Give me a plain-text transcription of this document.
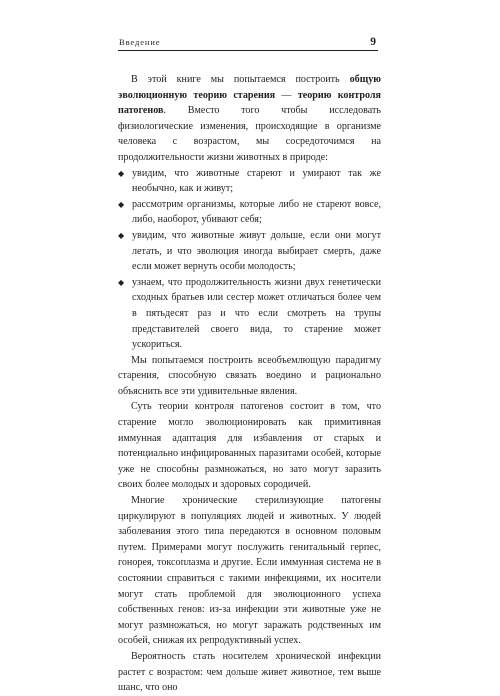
Введение	9

В этой книге мы попытаемся построить общую эволюционную теорию старения — теорию контроля патогенов. Вместо того чтобы исследовать физиологические изменения, происходящие в организме человека с возрастом, мы сосредоточимся на продолжительности жизни животных в природе:

◆ увидим, что животные стареют и умирают так же необычно, как и живут;
◆ рассмотрим организмы, которые либо не стареют вовсе, либо, наоборот, убивают себя;
◆ увидим, что животные живут дольше, если они могут летать, и что эволюция иногда выбирает смерть, даже если может вернуть особи молодость;
◆ узнаем, что продолжительность жизни двух генетически сходных братьев или сестер может отличаться более чем в пятьдесят раз и что если смотреть на трупы представителей своего вида, то старение может ускориться.

Мы попытаемся построить всеобъемлющую парадигму старения, способную связать воедино и рационально объяснить все эти удивительные явления.

Суть теории контроля патогенов состоит в том, что старение могло эволюционировать как примитивная иммунная адаптация для избавления от старых и потенциально инфицированных паразитами особей, которые уже не способны размножаться, но зато могут заразить своих более молодых и здоровых сородичей.

Многие хронические стерилизующие патогены циркулируют в популяциях людей и животных. У людей заболевания этого типа передаются в основном половым путем. Примерами могут послужить генитальный герпес, гонорея, токсоплазма и другие. Если иммунная система не в состоянии справиться с такими инфекциями, их носители могут стать проблемой для эволюционного успеха собственных генов: из-за инфекции эти животные уже не могут размножаться, но могут заражать родственных им особей, снижая их репродуктивный успех.

Вероятность стать носителем хронической инфекции растет с возрастом: чем дольше живет животное, тем выше шанс, что оно
